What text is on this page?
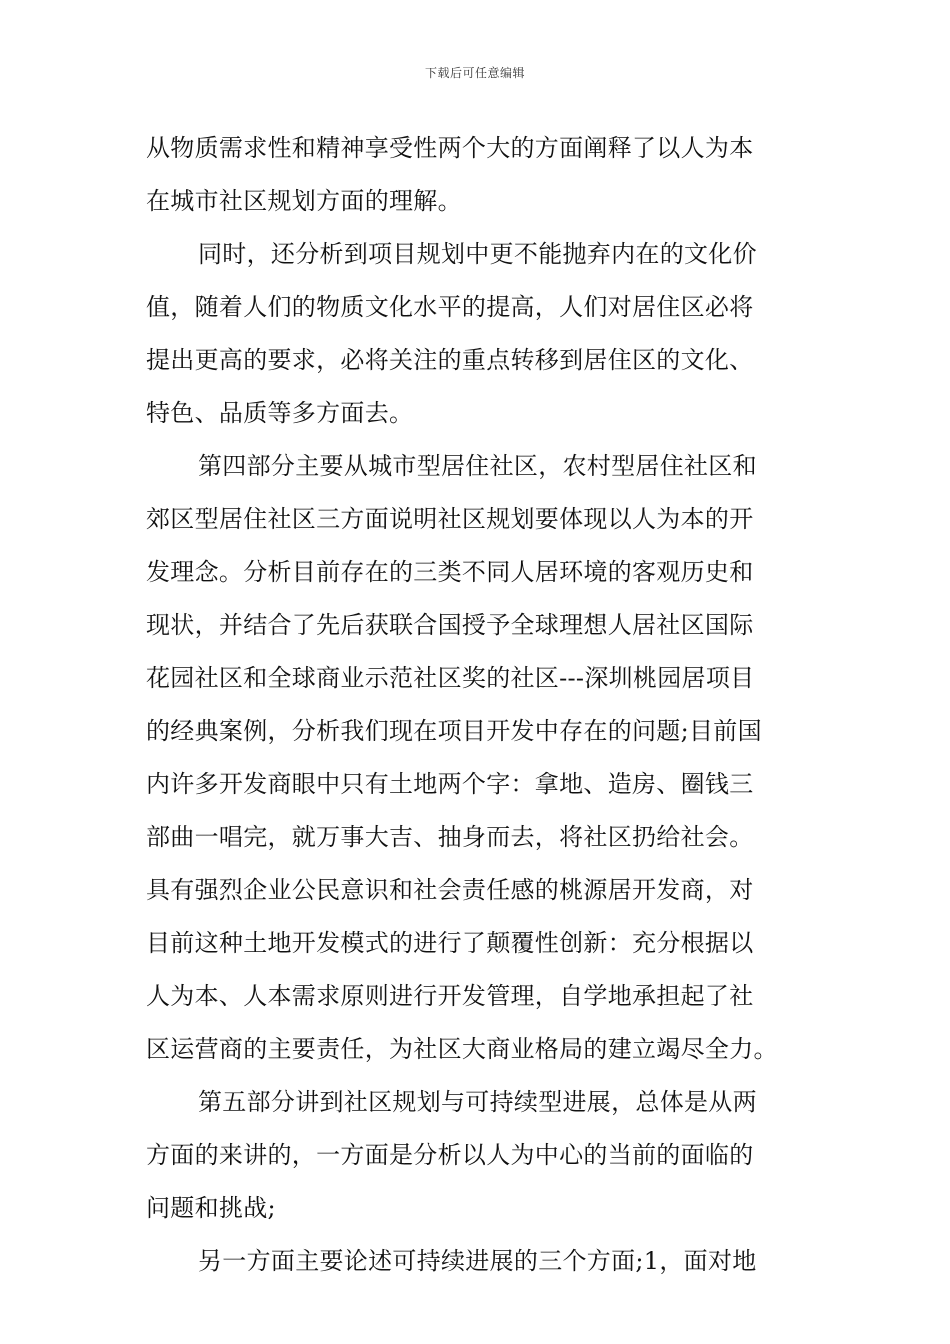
下载后可任意编辑
从物质需求性和精神享受性两个大的方面阐释了以人为本
在城市社区规划方面的理解。
同时，还分析到项目规划中更不能抛弃内在的文化价
值，随着人们的物质文化水平的提高，人们对居住区必将
提出更高的要求，必将关注的重点转移到居住区的文化、
特色、品质等多方面去。
第四部分主要从城市型居住社区，农村型居住社区和
郊区型居住社区三方面说明社区规划要体现以人为本的开
发理念。分析目前存在的三类不同人居环境的客观历史和
现状，并结合了先后获联合国授予全球理想人居社区国际
花园社区和全球商业示范社区奖的社区---深圳桃园居项目
的经典案例，分析我们现在项目开发中存在的问题;目前国
内许多开发商眼中只有土地两个字：拿地、造房、圈钱三
部曲一唱完，就万事大吉、抽身而去，将社区扔给社会。
具有强烈企业公民意识和社会责任感的桃源居开发商，对
目前这种土地开发模式的进行了颠覆性创新：充分根据以
人为本、人本需求原则进行开发管理，自学地承担起了社
区运营商的主要责任，为社区大商业格局的建立竭尽全力。
第五部分讲到社区规划与可持续型进展，总体是从两
方面的来讲的，一方面是分析以人为中心的当前的面临的
问题和挑战;
另一方面主要论述可持续进展的三个方面;1，面对地
